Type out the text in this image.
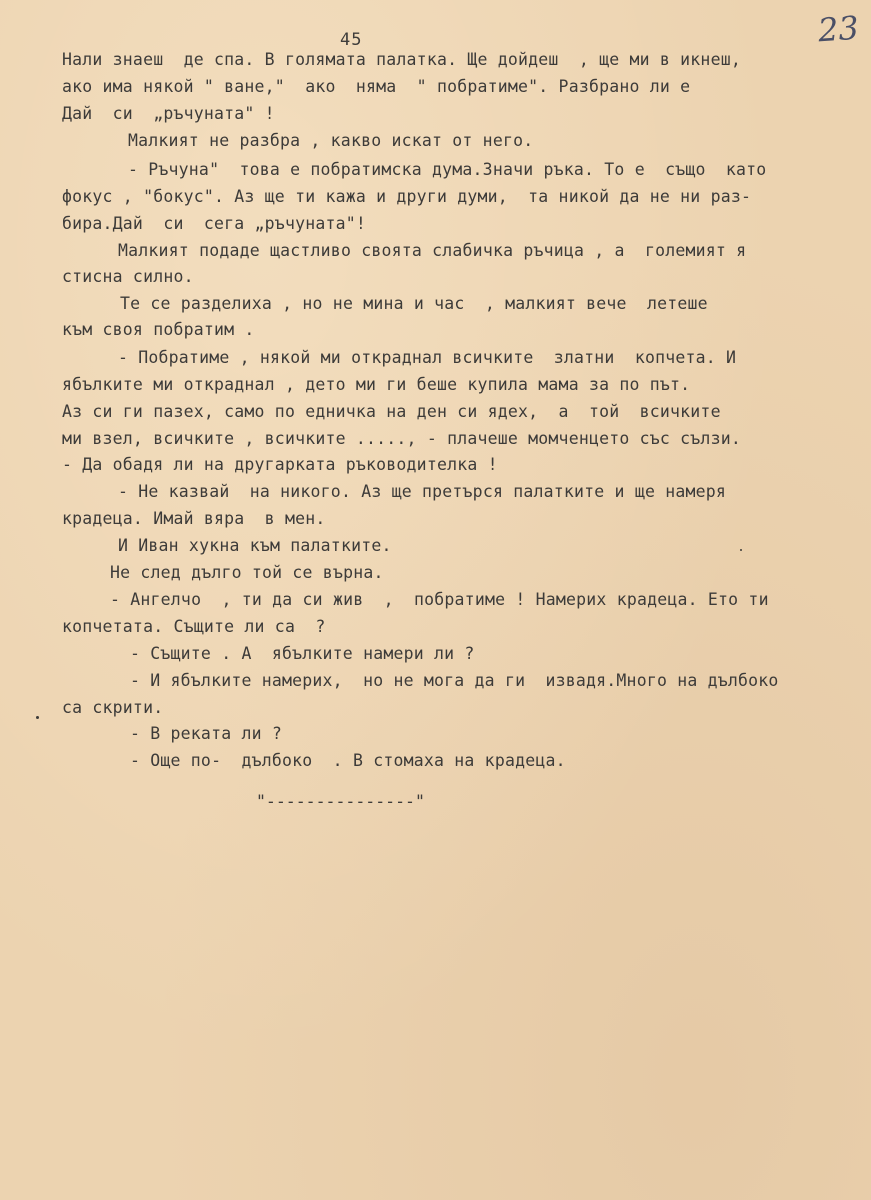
45	23
Нали знаеш  де спа. В голямата палатка. Ще дойдеш  , ще ми в икнеш,
ако има някой " ване,"  ако  няма  " побратиме". Разбрано ли е
Дай  си  „ръчуната" !
Малкият не разбра , какво искат от него.
- Ръчуна"  това е побратимска дума.Значи ръка. То е  също  като
фокус , "бокус". Аз ще ти кажа и други думи,  та никой да не ни раз-
бира.Дай  си  сега „ръчуната"!
Малкият подаде щастливо своята слабичка ръчица , а  големият я
стисна силно.
Те се разделиха , но не мина и час  , малкият вече  летеше
към своя побратим .
- Побратиме , някой ми откраднал всичките  златни  копчета. И
ябълките ми откраднал , дето ми ги беше купила мама за по път.
Аз си ги пазех, само по едничка на ден си ядех,  а  той  всичките
ми взел, всичките , всичките ....., - плачеше момченцето със сълзи.
- Да обадя ли на другарката ръководителка !
- Не казвай  на никого. Аз ще претърся палатките и ще намеря
крадеца. Имай вяра  в мен.
И Иван хукна към палатките.
Не след дълго той се върна.
- Ангелчо  , ти да си жив  ,  побратиме ! Намерих крадеца. Ето ти
копчетата. Същите ли са  ?
- Същите . А  ябълките намери ли ?
- И ябълките намерих,  но не мога да ги  извадя.Много на дълбоко
са скрити.
- В реката ли ?
- Още по-  дълбоко  . В стомаха на крадеца.
"---------------"
